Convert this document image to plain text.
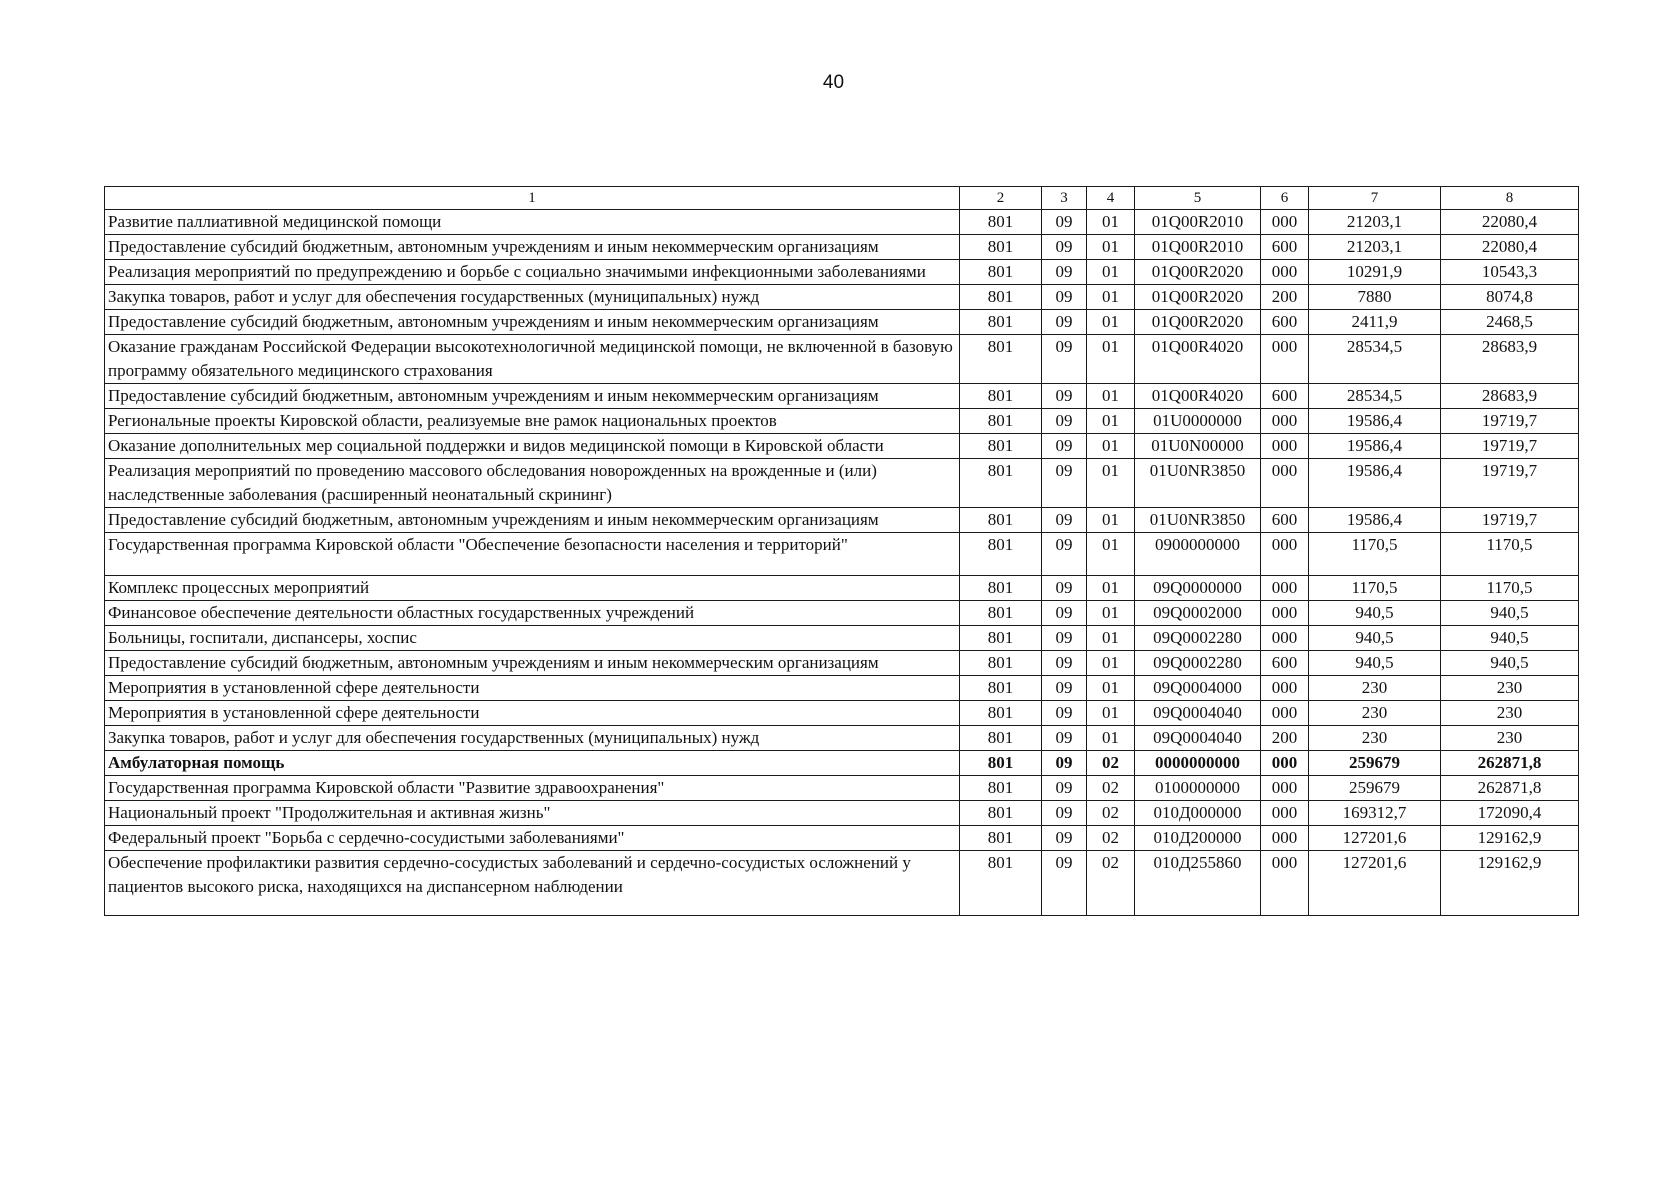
40
1	2	3	4	5	6	7	8
Развитие паллиативной медицинской помощи	801	09	01	01Q00R2010	000	21203,1	22080,4
Предоставление субсидий бюджетным, автономным учреждениям и иным некоммерческим организациям	801	09	01	01Q00R2010	600	21203,1	22080,4
Реализация мероприятий по предупреждению и борьбе с социально значимыми инфекционными заболеваниями	801	09	01	01Q00R2020	000	10291,9	10543,3
Закупка товаров, работ и услуг для обеспечения государственных (муниципальных) нужд	801	09	01	01Q00R2020	200	7880	8074,8
Предоставление субсидий бюджетным, автономным учреждениям и иным некоммерческим организациям	801	09	01	01Q00R2020	600	2411,9	2468,5
Оказание гражданам Российской Федерации высокотехнологичной медицинской помощи, не включенной в базовую программу обязательного медицинского страхования	801	09	01	01Q00R4020	000	28534,5	28683,9
Предоставление субсидий бюджетным, автономным учреждениям и иным некоммерческим организациям	801	09	01	01Q00R4020	600	28534,5	28683,9
Региональные проекты Кировской области, реализуемые вне рамок национальных проектов	801	09	01	01U0000000	000	19586,4	19719,7
Оказание дополнительных мер социальной поддержки и видов медицинской помощи в Кировской области	801	09	01	01U0N00000	000	19586,4	19719,7
Реализация мероприятий по проведению массового обследования новорожденных на врожденные и (или) наследственные заболевания (расширенный неонатальный скрининг)	801	09	01	01U0NR3850	000	19586,4	19719,7
Предоставление субсидий бюджетным, автономным учреждениям и иным некоммерческим организациям	801	09	01	01U0NR3850	600	19586,4	19719,7
Государственная программа Кировской области "Обеспечение безопасности населения и территорий"	801	09	01	0900000000	000	1170,5	1170,5
Комплекс процессных мероприятий	801	09	01	09Q0000000	000	1170,5	1170,5
Финансовое обеспечение деятельности областных государственных учреждений	801	09	01	09Q0002000	000	940,5	940,5
Больницы, госпитали, диспансеры, хоспис	801	09	01	09Q0002280	000	940,5	940,5
Предоставление субсидий бюджетным, автономным учреждениям и иным некоммерческим организациям	801	09	01	09Q0002280	600	940,5	940,5
Мероприятия в установленной сфере деятельности	801	09	01	09Q0004000	000	230	230
Мероприятия в установленной сфере деятельности	801	09	01	09Q0004040	000	230	230
Закупка товаров, работ и услуг для обеспечения государственных (муниципальных) нужд	801	09	01	09Q0004040	200	230	230
Амбулаторная помощь	801	09	02	0000000000	000	259679	262871,8
Государственная программа Кировской области "Развитие здравоохранения"	801	09	02	0100000000	000	259679	262871,8
Национальный проект "Продолжительная и активная жизнь"	801	09	02	010Д000000	000	169312,7	172090,4
Федеральный проект "Борьба с сердечно-сосудистыми заболеваниями"	801	09	02	010Д200000	000	127201,6	129162,9
Обеспечение профилактики развития сердечно-сосудистых заболеваний и сердечно-сосудистых осложнений у пациентов высокого риска, находящихся на диспансерном наблюдении	801	09	02	010Д255860	000	127201,6	129162,9
